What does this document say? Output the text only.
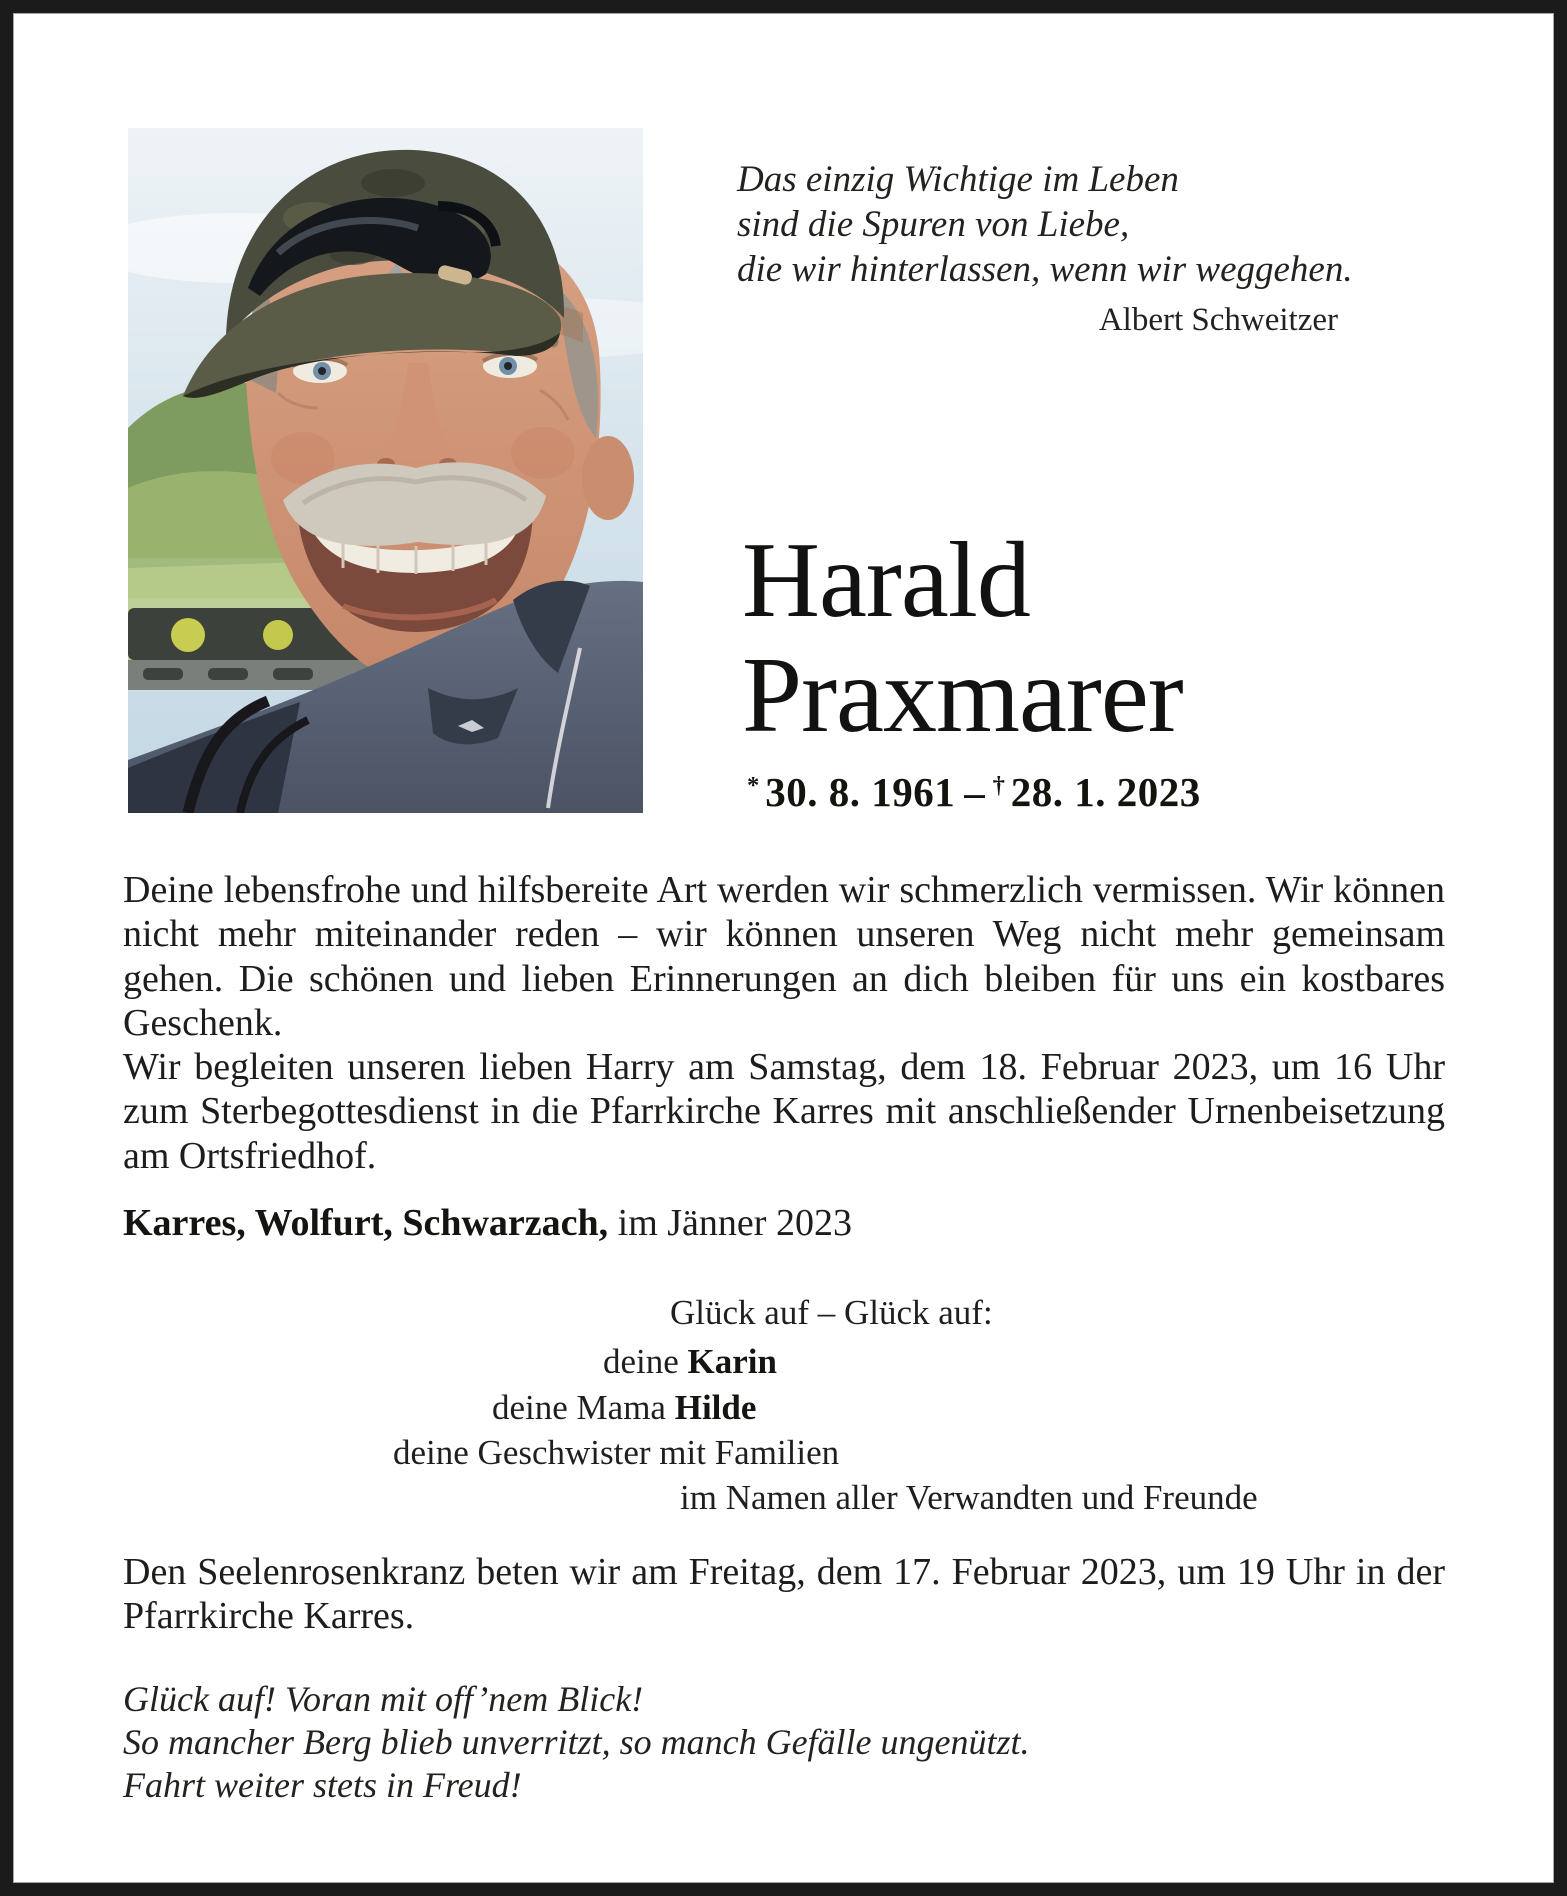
Das einzig Wichtige im Leben
sind die Spuren von Liebe,
die wir hinterlassen, wenn wir weggehen.
Albert Schweitzer
Harald
Praxmarer
* 30. 8. 1961 – † 28. 1. 2023

Deine lebensfrohe und hilfsbereite Art werden wir schmerzlich vermissen. Wir können nicht mehr miteinander reden – wir können unseren Weg nicht mehr gemeinsam gehen. Die schönen und lieben Erinnerungen an dich bleiben für uns ein kostbares Geschenk.

Wir begleiten unseren lieben Harry am Samstag, dem 18. Februar 2023, um 16 Uhr zum Sterbegottesdienst in die Pfarrkirche Karres mit anschließender Urnenbeisetzung am Ortsfriedhof.

Karres, Wolfurt, Schwarzach, im Jänner 2023
Glück auf – Glück auf:
deine Karin
deine Mama Hilde
deine Geschwister mit Familien
im Namen aller Verwandten und Freunde
Den Seelenrosenkranz beten wir am Freitag, dem 17. Februar 2023, um 19 Uhr in der Pfarrkirche Karres.
Glück auf! Voran mit off’nem Blick!
So mancher Berg blieb unverritzt, so manch Gefälle ungenützt.
Fahrt weiter stets in Freud!
